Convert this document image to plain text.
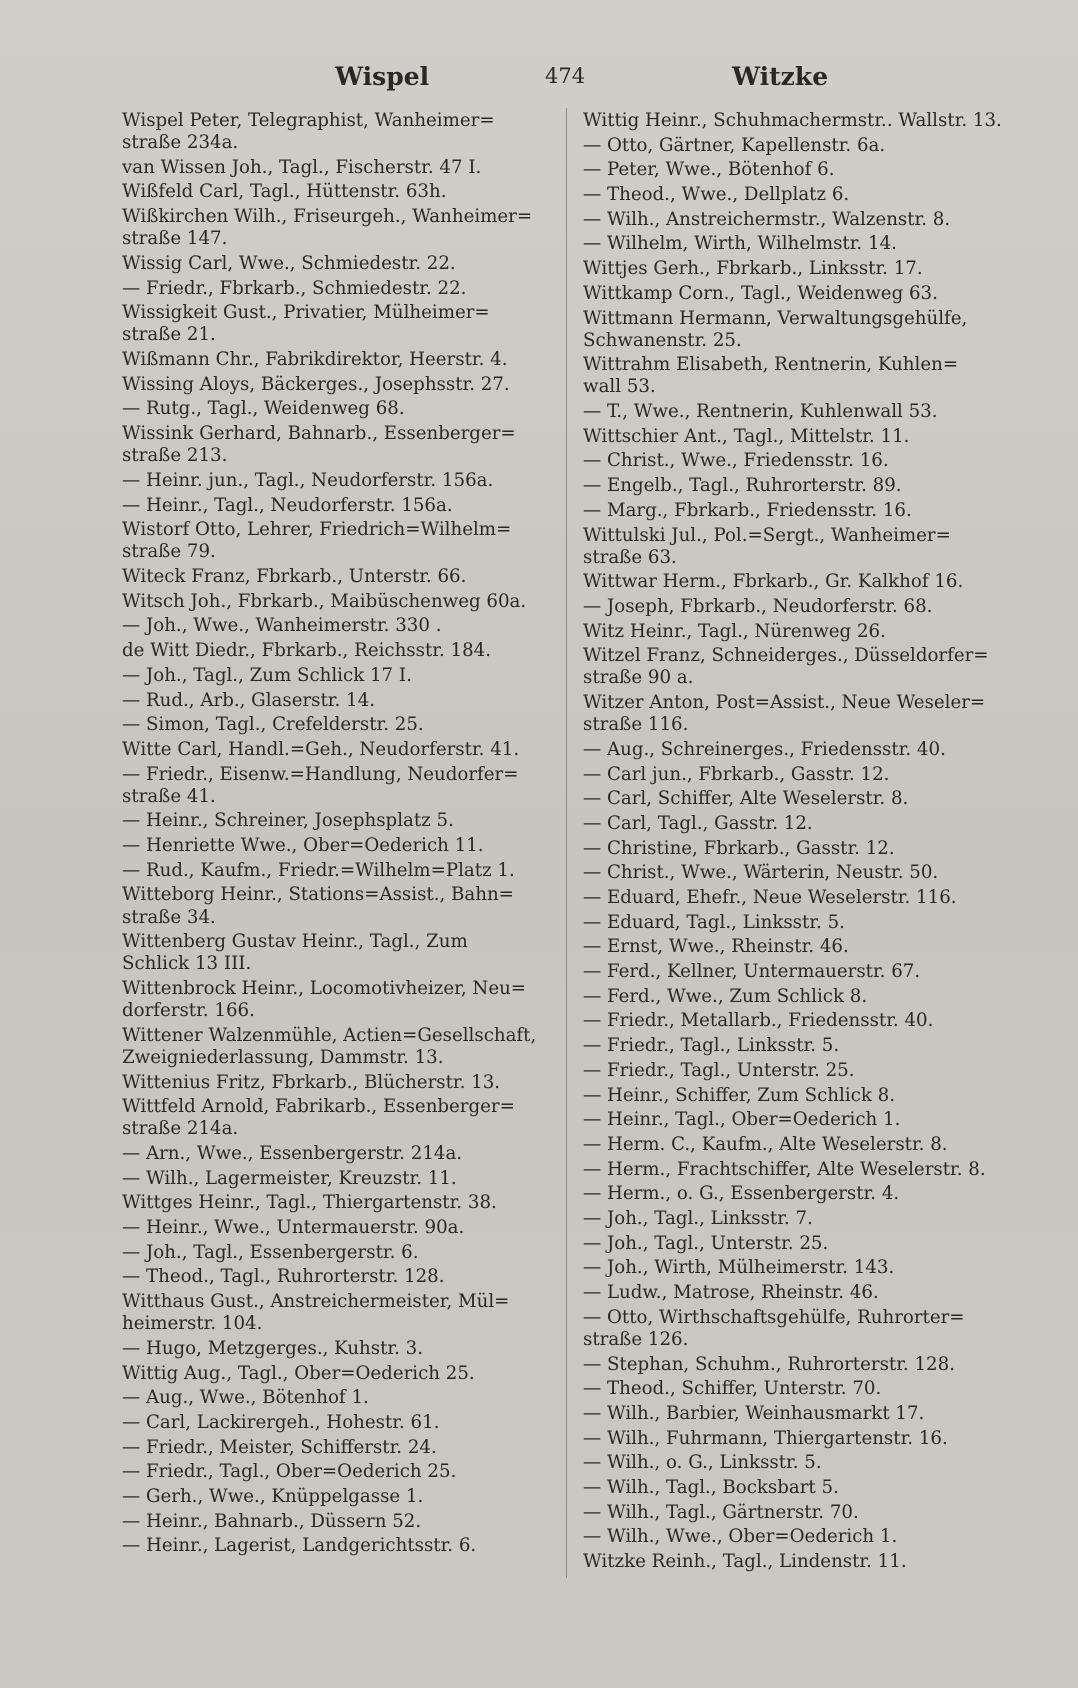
Wispel	474	Witzke
Wispel Peter, Telegraphist, Wanheimer=
straße 234a.
van Wissen Joh., Tagl., Fischerstr. 47 I.
Wißfeld Carl, Tagl., Hüttenstr. 63h.
Wißkirchen Wilh., Friseurgeh., Wanheimer=
straße 147.
Wissig Carl, Wwe., Schmiedestr. 22.
— Friedr., Fbrkarb., Schmiedestr. 22.
Wissigkeit Gust., Privatier, Mülheimer=
straße 21.
Wißmann Chr., Fabrikdirektor, Heerstr. 4.
Wissing Aloys, Bäckerges., Josephsstr. 27.
— Rutg., Tagl., Weidenweg 68.
Wissink Gerhard, Bahnarb., Essenberger=
straße 213.
— Heinr. jun., Tagl., Neudorferstr. 156a.
— Heinr., Tagl., Neudorferstr. 156a.
Wistorf Otto, Lehrer, Friedrich=Wilhelm=
straße 79.
Witeck Franz, Fbrkarb., Unterstr. 66.
Witsch Joh., Fbrkarb., Maibüschenweg 60a.
— Joh., Wwe., Wanheimerstr. 330 .
de Witt Diedr., Fbrkarb., Reichsstr. 184.
— Joh., Tagl., Zum Schlick 17 I.
— Rud., Arb., Glaserstr. 14.
— Simon, Tagl., Crefelderstr. 25.
Witte Carl, Handl.=Geh., Neudorferstr. 41.
— Friedr., Eisenw.=Handlung, Neudorfer=
straße 41.
— Heinr., Schreiner, Josephsplatz 5.
— Henriette Wwe., Ober=Oederich 11.
— Rud., Kaufm., Friedr.=Wilhelm=Platz 1.
Witteborg Heinr., Stations=Assist., Bahn=
straße 34.
Wittenberg Gustav Heinr., Tagl., Zum
Schlick 13 III.
Wittenbrock Heinr., Locomotivheizer, Neu=
dorferstr. 166.
Wittener Walzenmühle, Actien=Gesellschaft,
Zweigniederlassung, Dammstr. 13.
Wittenius Fritz, Fbrkarb., Blücherstr. 13.
Wittfeld Arnold, Fabrikarb., Essenberger=
straße 214a.
— Arn., Wwe., Essenbergerstr. 214a.
— Wilh., Lagermeister, Kreuzstr. 11.
Wittges Heinr., Tagl., Thiergartenstr. 38.
— Heinr., Wwe., Untermauerstr. 90a.
— Joh., Tagl., Essenbergerstr. 6.
— Theod., Tagl., Ruhrorterstr. 128.
Witthaus Gust., Anstreichermeister, Mül=
heimerstr. 104.
— Hugo, Metzgerges., Kuhstr. 3.
Wittig Aug., Tagl., Ober=Oederich 25.
— Aug., Wwe., Bötenhof 1.
— Carl, Lackirergeh., Hohestr. 61.
— Friedr., Meister, Schifferstr. 24.
— Friedr., Tagl., Ober=Oederich 25.
— Gerh., Wwe., Knüppelgasse 1.
— Heinr., Bahnarb., Düssern 52.
— Heinr., Lagerist, Landgerichtsstr. 6.
Wittig Heinr., Schuhmachermstr.. Wallstr. 13.
— Otto, Gärtner, Kapellenstr. 6a.
— Peter, Wwe., Bötenhof 6.
— Theod., Wwe., Dellplatz 6.
— Wilh., Anstreichermstr., Walzenstr. 8.
— Wilhelm, Wirth, Wilhelmstr. 14.
Wittjes Gerh., Fbrkarb., Linksstr. 17.
Wittkamp Corn., Tagl., Weidenweg 63.
Wittmann Hermann, Verwaltungsgehülfe,
Schwanenstr. 25.
Wittrahm Elisabeth, Rentnerin, Kuhlen=
wall 53.
— T., Wwe., Rentnerin, Kuhlenwall 53.
Wittschier Ant., Tagl., Mittelstr. 11.
— Christ., Wwe., Friedensstr. 16.
— Engelb., Tagl., Ruhrorterstr. 89.
— Marg., Fbrkarb., Friedensstr. 16.
Wittulski Jul., Pol.=Sergt., Wanheimer=
straße 63.
Wittwar Herm., Fbrkarb., Gr. Kalkhof 16.
— Joseph, Fbrkarb., Neudorferstr. 68.
Witz Heinr., Tagl., Nürenweg 26.
Witzel Franz, Schneiderges., Düsseldorfer=
straße 90 a.
Witzer Anton, Post=Assist., Neue Weseler=
straße 116.
— Aug., Schreinerges., Friedensstr. 40.
— Carl jun., Fbrkarb., Gasstr. 12.
— Carl, Schiffer, Alte Weselerstr. 8.
— Carl, Tagl., Gasstr. 12.
— Christine, Fbrkarb., Gasstr. 12.
— Christ., Wwe., Wärterin, Neustr. 50.
— Eduard, Ehefr., Neue Weselerstr. 116.
— Eduard, Tagl., Linksstr. 5.
— Ernst, Wwe., Rheinstr. 46.
— Ferd., Kellner, Untermauerstr. 67.
— Ferd., Wwe., Zum Schlick 8.
— Friedr., Metallarb., Friedensstr. 40.
— Friedr., Tagl., Linksstr. 5.
— Friedr., Tagl., Unterstr. 25.
— Heinr., Schiffer, Zum Schlick 8.
— Heinr., Tagl., Ober=Oederich 1.
— Herm. C., Kaufm., Alte Weselerstr. 8.
— Herm., Frachtschiffer, Alte Weselerstr. 8.
— Herm., o. G., Essenbergerstr. 4.
— Joh., Tagl., Linksstr. 7.
— Joh., Tagl., Unterstr. 25.
— Joh., Wirth, Mülheimerstr. 143.
— Ludw., Matrose, Rheinstr. 46.
— Otto, Wirthschaftsgehülfe, Ruhrorter=
straße 126.
— Stephan, Schuhm., Ruhrorterstr. 128.
— Theod., Schiffer, Unterstr. 70.
— Wilh., Barbier, Weinhausmarkt 17.
— Wilh., Fuhrmann, Thiergartenstr. 16.
— Wilh., o. G., Linksstr. 5.
— Wilh., Tagl., Bocksbart 5.
— Wilh., Tagl., Gärtnerstr. 70.
— Wilh., Wwe., Ober=Oederich 1.
Witzke Reinh., Tagl., Lindenstr. 11.
